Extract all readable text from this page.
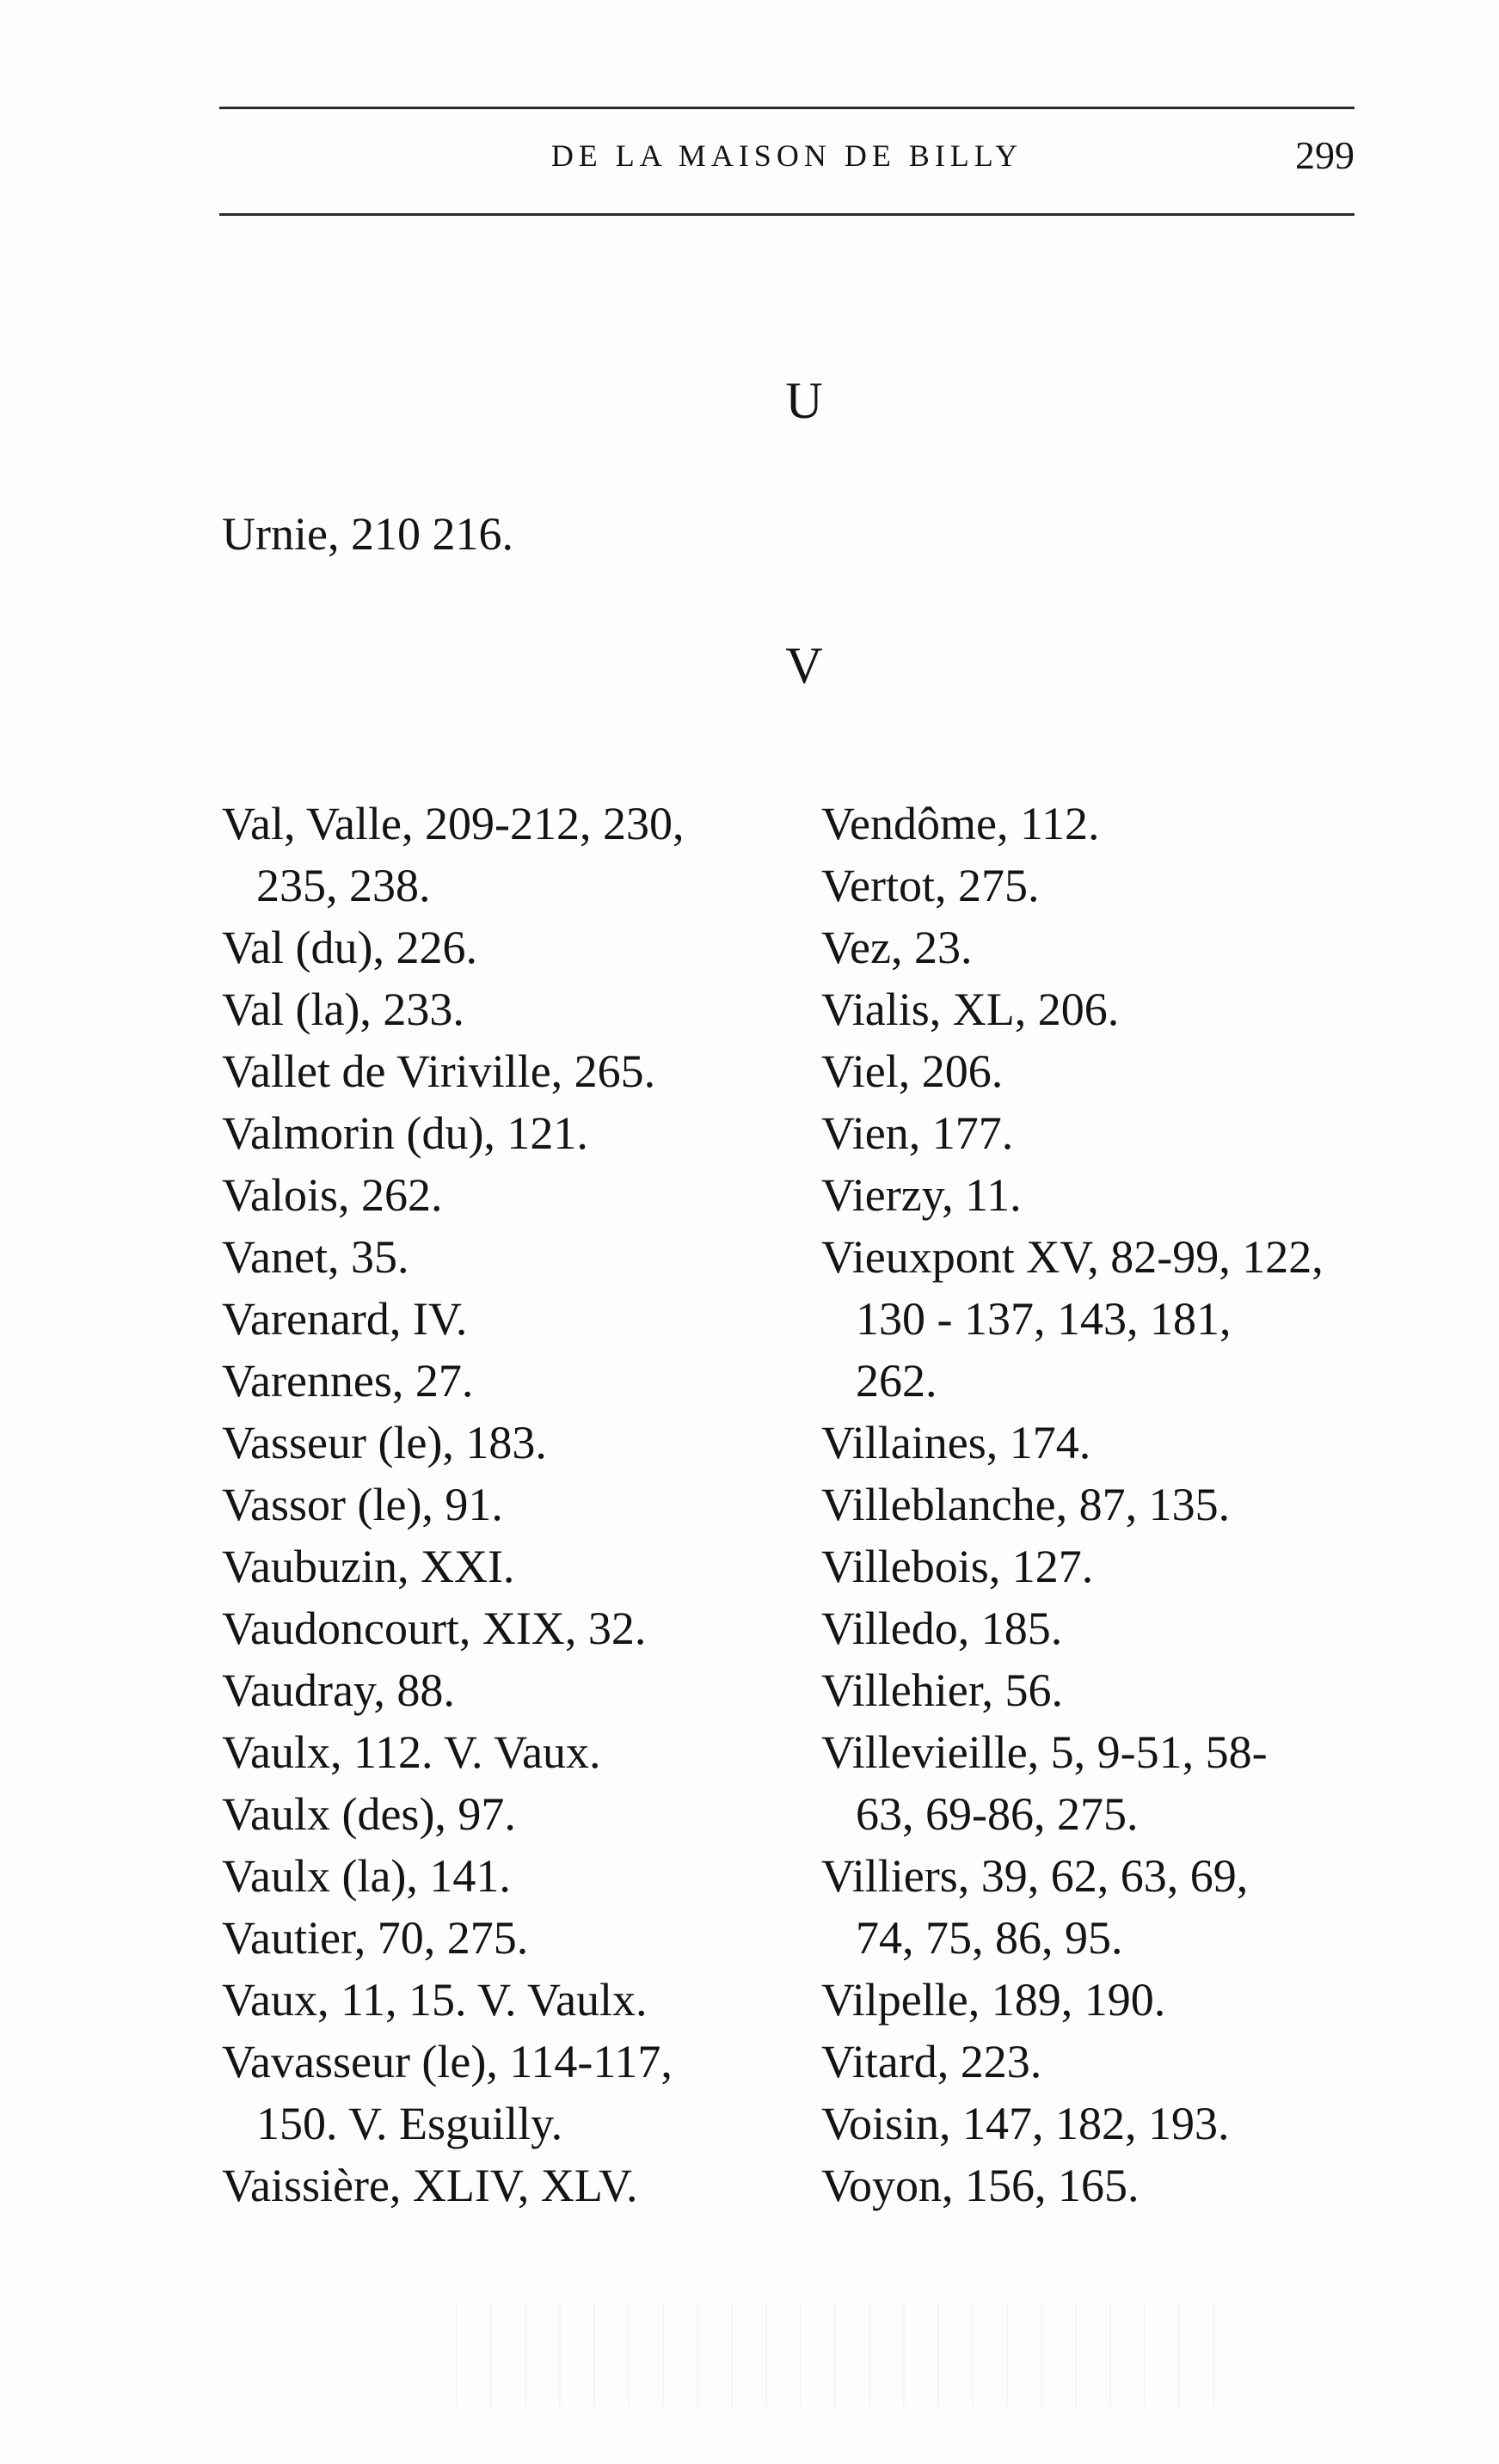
DE LA MAISON DE BILLY	299
U
Urnie, 210 216.
V
Val, Valle, 209-212, 230,
235, 238.
Val (du), 226.
Val (la), 233.
Vallet de Viriville, 265.
Valmorin (du), 121.
Valois, 262.
Vanet, 35.
Varenard, IV.
Varennes, 27.
Vasseur (le), 183.
Vassor (le), 91.
Vaubuzin, XXI.
Vaudoncourt, XIX, 32.
Vaudray, 88.
Vaulx, 112. V. Vaux.
Vaulx (des), 97.
Vaulx (la), 141.
Vautier, 70, 275.
Vaux, 11, 15. V. Vaulx.
Vavasseur (le), 114-117,
150. V. Esguilly.
Vaissière, XLIV, XLV.
Vendôme, 112.
Vertot, 275.
Vez, 23.
Vialis, XL, 206.
Viel, 206.
Vien, 177.
Vierzy, 11.
Vieuxpont XV, 82-99, 122,
130 - 137, 143, 181,
262.
Villaines, 174.
Villeblanche, 87, 135.
Villebois, 127.
Villedo, 185.
Villehier, 56.
Villevieille, 5, 9-51, 58-
63, 69-86, 275.
Villiers, 39, 62, 63, 69,
74, 75, 86, 95.
Vilpelle, 189, 190.
Vitard, 223.
Voisin, 147, 182, 193.
Voyon, 156, 165.
